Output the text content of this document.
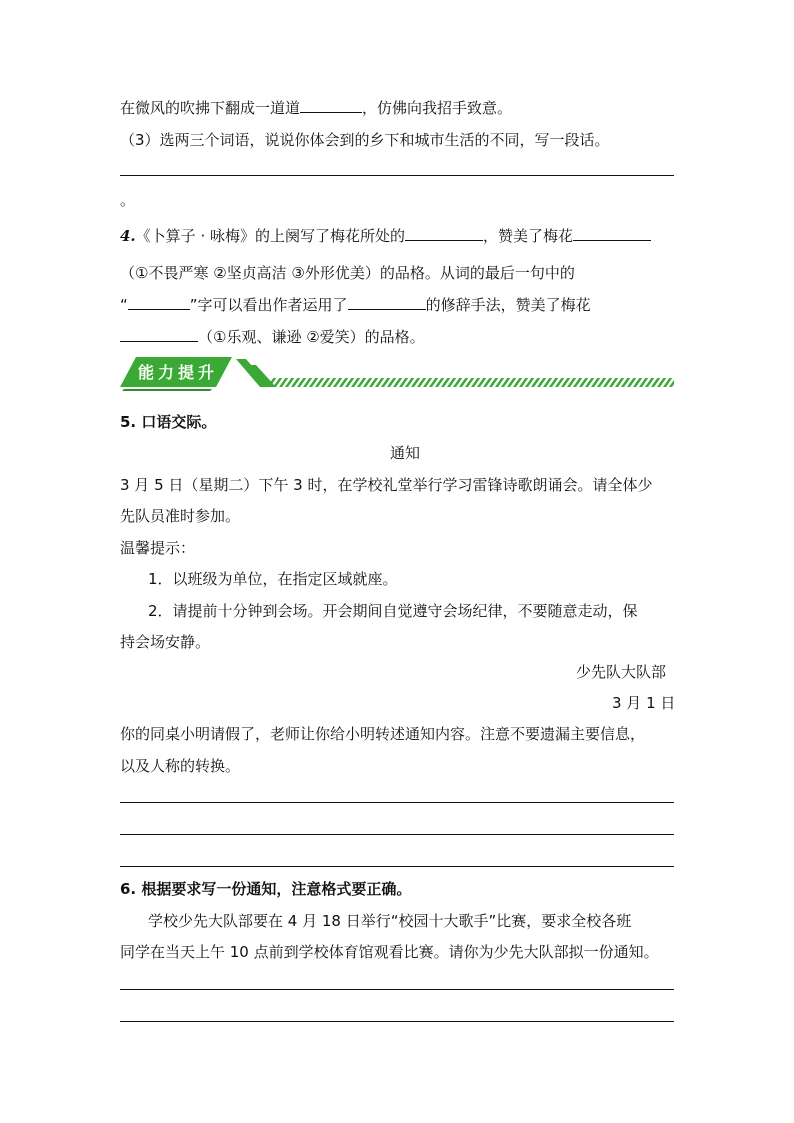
在微风的吹拂下翻成一道道	，仿佛向我招手致意。
（3）选两三个词语，说说你体会到的乡下和城市生活的不同，写一段话。
。
4.《卜算子 · 咏梅》的上阕写了梅花所处的	，赞美了梅花
（①不畏严寒 ②坚贞高洁 ③外形优美）的品格。从词的最后一句中的
“	”字可以看出作者运用了	的修辞手法，赞美了梅花
（①乐观、谦逊 ②爱笑）的品格。
能力提升
5. 口语交际。
通知
3 月 5 日（星期二）下午 3 时，在学校礼堂举行学习雷锋诗歌朗诵会。请全体少
先队员准时参加。
温馨提示：
1．以班级为单位，在指定区域就座。
2．请提前十分钟到会场。开会期间自觉遵守会场纪律，不要随意走动，保
持会场安静。
少先队大队部
3 月 1 日
你的同桌小明请假了，老师让你给小明转述通知内容。注意不要遗漏主要信息，
以及人称的转换。
6. 根据要求写一份通知，注意格式要正确。
学校少先大队部要在 4 月 18 日举行“校园十大歌手”比赛，要求全校各班
同学在当天上午 10 点前到学校体育馆观看比赛。请你为少先大队部拟一份通知。
